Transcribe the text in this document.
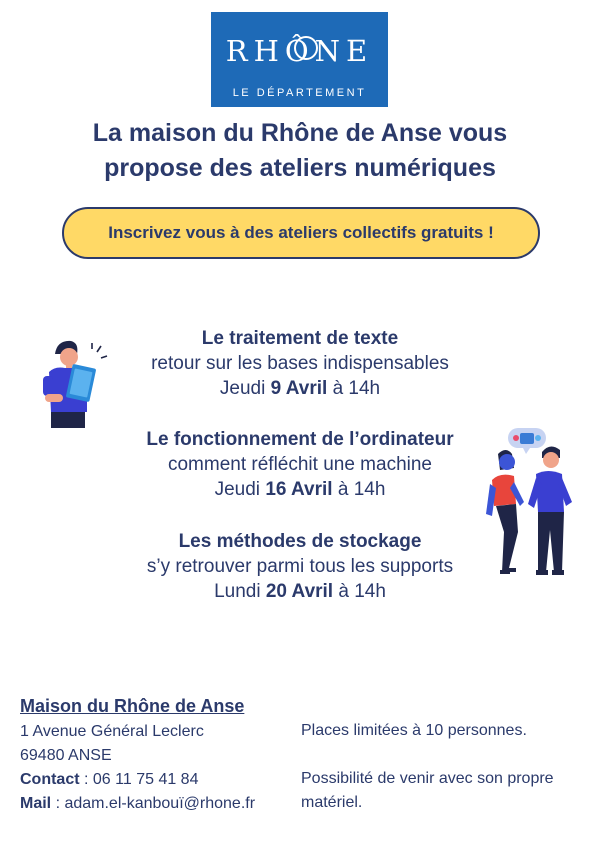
RHÔNE
LE DÉPARTEMENT
La maison du Rhône de Anse vous
propose des ateliers numériques
Inscrivez vous à des ateliers collectifs gratuits !
Le traitement de texte
retour sur les bases indispensables
Jeudi 9 Avril à 14h
Le fonctionnement de l’ordinateur
comment réfléchit une machine
Jeudi 16 Avril à 14h
Les méthodes de stockage
s’y retrouver parmi tous les supports
Lundi 20 Avril à 14h
Maison du Rhône de Anse
1 Avenue Général Leclerc
69480 ANSE
Contact : 06 11 75 41 84
Mail : adam.el-kanbouï@rhone.fr
Places limitées à 10 personnes.
Possibilité de venir avec son propre matériel.
